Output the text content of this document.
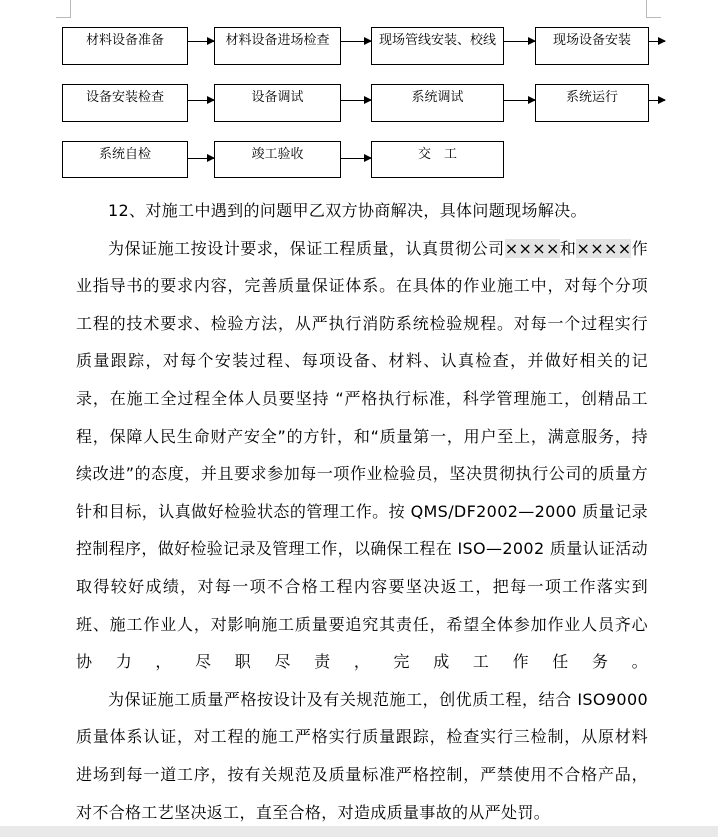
材料设备准备	材料设备进场检查	现场管线安装、校线	现场设备安装
设备安装检查	设备调试	系统调试	系统运行
系统自检	竣工验收	交　工

12、对施工中遇到的问题甲乙双方协商解决，具体问题现场解决。

为保证施工按设计要求，保证工程质量，认真贯彻公司××××和××××作业指导书的要求内容，完善质量保证体系。在具体的作业施工中，对每个分项工程的技术要求、检验方法，从严执行消防系统检验规程。对每一个过程实行质量跟踪，对每个安装过程、每项设备、材料、认真检查，并做好相关的记录，在施工全过程全体人员要坚持 “严格执行标准，科学管理施工，创精品工程，保障人民生命财产安全”的方针，和“质量第一，用户至上，满意服务，持续改进”的态度，并且要求参加每一项作业检验员，坚决贯彻执行公司的质量方针和目标，认真做好检验状态的管理工作。按 QMS/DF2002—2000 质量记录控制程序，做好检验记录及管理工作，以确保工程在 ISO—2002 质量认证活动取得较好成绩，对每一项不合格工程内容要坚决返工，把每一项工作落实到班、施工作业人，对影响施工质量要追究其责任，希望全体参加作业人员齐心协力，尽职尽责，完成工作任务。

为保证施工质量严格按设计及有关规范施工，创优质工程，结合 ISO9000 质量体系认证，对工程的施工严格实行质量跟踪，检查实行三检制，从原材料进场到每一道工序，按有关规范及质量标准严格控制，严禁使用不合格产品，对不合格工艺坚决返工，直至合格，对造成质量事故的从严处罚。
